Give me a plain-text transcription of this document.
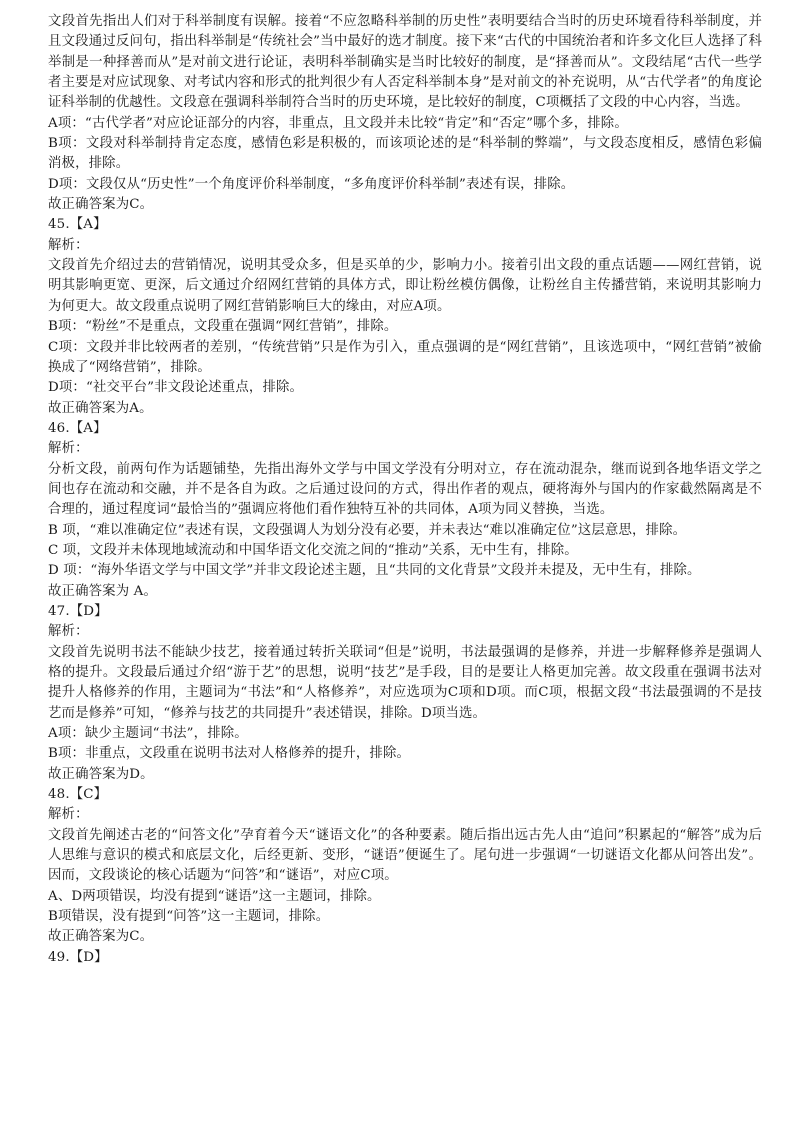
文段首先指出人们对于科举制度有误解。接着“不应忽略科举制的历史性”表明要结合当时的历史环境看待科举制度，并且文段通过反问句，指出科举制是“传统社会”当中最好的选才制度。接下来“古代的中国统治者和许多文化巨人选择了科举制是一种择善而从”是对前文进行论证，表明科举制确实是当时比较好的制度，是“择善而从”。文段结尾“古代一些学者主要是对应试现象、对考试内容和形式的批判很少有人否定科举制本身”是对前文的补充说明，从“古代学者”的角度论证科举制的优越性。文段意在强调科举制符合当时的历史环境，是比较好的制度，C项概括了文段的中心内容，当选。

A项：“古代学者”对应论证部分的内容，非重点，且文段并未比较“肯定”和“否定”哪个多，排除。

B项：文段对科举制持肯定态度，感情色彩是积极的，而该项论述的是“科举制的弊端”，与文段态度相反，感情色彩偏消极，排除。

D项：文段仅从“历史性”一个角度评价科举制度，“多角度评价科举制”表述有误，排除。

故正确答案为C。

45.【A】

解析：

文段首先介绍过去的营销情况，说明其受众多，但是买单的少，影响力小。接着引出文段的重点话题——网红营销，说明其影响更宽、更深，后文通过介绍网红营销的具体方式，即让粉丝模仿偶像，让粉丝自主传播营销，来说明其影响力为何更大。故文段重点说明了网红营销影响巨大的缘由，对应A项。

B项：“粉丝”不是重点，文段重在强调“网红营销”，排除。

C项：文段并非比较两者的差别，“传统营销”只是作为引入，重点强调的是“网红营销”，且该选项中，“网红营销”被偷换成了“网络营销”，排除。

D项：“社交平台”非文段论述重点，排除。

故正确答案为A。

46.【A】

解析：

分析文段，前两句作为话题铺垫，先指出海外文学与中国文学没有分明对立，存在流动混杂，继而说到各地华语文学之间也存在流动和交融，并不是各自为政。之后通过设问的方式，得出作者的观点，硬将海外与国内的作家截然隔离是不合理的，通过程度词“最恰当的”强调应将他们看作独特互补的共同体，A项为同义替换，当选。

B 项，“难以准确定位”表述有误，文段强调人为划分没有必要，并未表达“难以准确定位”这层意思，排除。

C 项，文段并未体现地域流动和中国华语文化交流之间的“推动”关系，无中生有，排除。

D 项：“海外华语文学与中国文学”并非文段论述主题，且“共同的文化背景”文段并未提及，无中生有，排除。

故正确答案为 A。

47.【D】

解析：

文段首先说明书法不能缺少技艺，接着通过转折关联词“但是”说明，书法最强调的是修养，并进一步解释修养是强调人格的提升。文段最后通过介绍“游于艺”的思想，说明“技艺”是手段，目的是要让人格更加完善。故文段重在强调书法对提升人格修养的作用，主题词为“书法”和“人格修养”，对应选项为C项和D项。而C项，根据文段“书法最强调的不是技艺而是修养”可知，“修养与技艺的共同提升”表述错误，排除。D项当选。

A项：缺少主题词“书法”，排除。

B项：非重点，文段重在说明书法对人格修养的提升，排除。

故正确答案为D。

48.【C】

解析：

文段首先阐述古老的“问答文化”孕育着今天“谜语文化”的各种要素。随后指出远古先人由“追问”积累起的“解答”成为后人思维与意识的模式和底层文化，后经更新、变形，“谜语”便诞生了。尾句进一步强调“一切谜语文化都从问答出发”。因而，文段谈论的核心话题为“问答”和“谜语”，对应C项。

A、D两项错误，均没有提到“谜语”这一主题词，排除。

B项错误，没有提到“问答”这一主题词，排除。

故正确答案为C。

49.【D】
